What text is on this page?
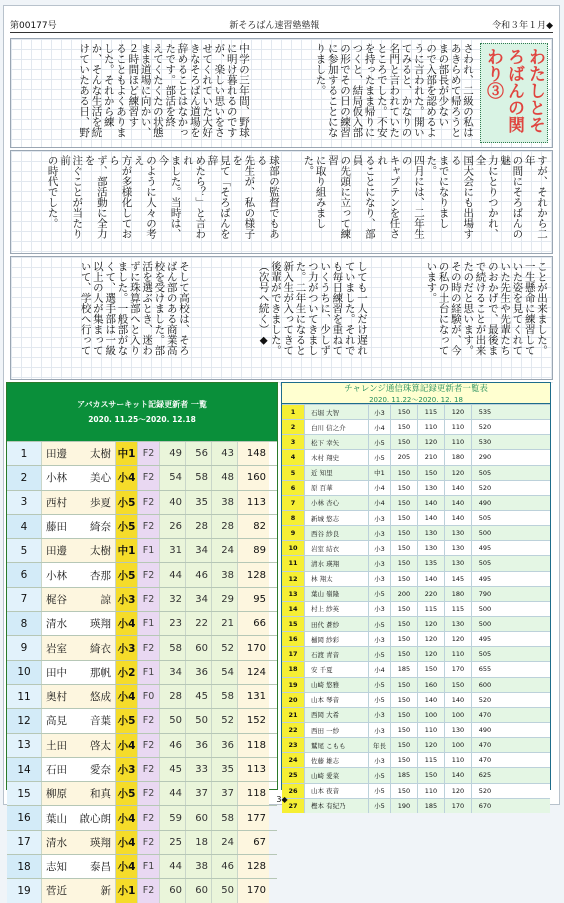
第00177号	新そろばん速習塾塾報	令和３年１月◆
さわれ、二級の私は
あきらめて帰ろうと
まの部長が少ない
ので入部を認めるよ
うに言われた。開い
てみると、かなりの
名門と言われていた
ところでした。不安
を持ったまま帰りに
つくと、結局仮入部
の形でその日の練習
に参加することにな
りました。
中学の三年間、野球に明け暮れるのです
が、楽しい思いをさ
せてくれていた大好
きなそろばん道場を
辞めることはなかっ
たです。部活を終
えてくたくたの状態
まま道場に向かい、
２時間ほど練習す
ることもよくありま
した。それから練
か、そんな生活を続
けていたある日、野	わたしとそろばんの関わり③
すが、それから二年
の間にそろばんの魅
力にとりつかれ、全
国大会にも出場する
までになりました。
四月には、二年生の
キャプテンを任され
ることになり、部員
の先頭に立って練習
に取り組みました。
球部の監督でもある
先生が、私の様子を
見て「そろばんを辞
めたら？」と言われ
ました。当時は、今
のように人々の考え
方が多様化しておら
ず、部活動に全力を
注ぐことが当たり前
の時代でした。
ことが出来ました。
一生懸命に練習して
いた姿を見てくれて
いた先生や先輩たち
のおかげで、最後ま
で続けることが出来
たのだと思います。
その時の経験が、今
の私の土台になって
います。
しても一人だけ遅れ
ていました。それで
も毎日練習を重ねて
いくうちに、少しず
つ力がついてきまし
た。二年生になると
新入生が入ってきて
後輩ができました。
（次号へ続く）◆
そして高校は、そろ
ばん部のある商業高
校を受けました。部
活を選ぶとき、迷わ
ずに珠算部へと入り
ました。一般部がな
くて、選手部は一級
以上の人が集まって
いて、学校へ行って
アバカスサーキット記録更新者 一覧
2020. 11.25～2020. 12.18
1	田邊 太樹 中1 F2	49	56	43	148
2	小林 美心 小4 F2	54	58	48	160
3	西村 歩夏 小5 F2	40	35	38	113
4	藤田 綺奈 小5 F2	26	28	28	82
5	田邊 太樹 中1 F1	31	34	24	89
6	小林 杏那 小5 F2	44	46	38	128
7	梶谷	諒 小3 F2	32	34	29	95
8	清水 瑛翔 小4 F1	23	22	21	66
9	岩室 綺衣 小3 F2	58	60	52	170
10	田中 那帆 小2 F1	34	36	54	124
11	奥村 悠成 小4 F0	28	45	58	131
12	高見 音葉 小5 F2	50	50	52	152
13	土田 啓太 小4 F2	46	36	36	118
14	石田 愛奈 小3 F2	45	33	35	113
15	柳原 和真 小5 F2	44	37	37	118
16	葉山 啟心朗 小4 F2	59	60	58	177
17	清水 瑛翔 小4 F2	25	18	24	67
18	志知 泰昌 小4 F1	44	38	46	128
19	菅近	新 小1 F2	60	60	50	170
チャレンジ通信珠算記録更新者一覧表
2020. 11.22～2020. 12. 18
1	石堀 大智	小3	150	115	120	535
2	白川 信之介	小4	150	110	110	520
3	松下 幸矢	小5	150	120	110	530
4	木村 翔史	小5	205	210	180	290
5	近 知里	中1	150	150	120	505
6	原 百華	小4	150	130	140	520
7	小林 杏心	小4	150	140	140	490
8	新城 悠志	小3	150	140	140	505
9	西谷 紗良	小3	150	130	130	500
10	岩室 結衣	小3	150	130	130	495
11	清水 瑛翔	小3	150	135	130	505
12	林 翔太	小3	150	140	145	495
13	葉山 嶺隆	小5	200	220	180	790
14	村上 紗英	小3	150	115	115	500
15	田代 蒼紗	小5	150	120	130	500
16	樋岡 紗彩	小3	150	120	120	495
17	石渡 青音	小5	150	120	110	505
18	安 千夏	小4	185	150	170	655
19	山崎 悠雅	小5	150	160	150	600
20	山本 琴音	小5	150	140	140	520
21	西岡 大希	小3	150	100	100	470
22	西田 一紗	小3	150	110	130	490
23	鷲尾 こもも	年長	150	120	100	470
24	佐藤 雄志	小3	150	115	110	470
25	山崎 愛菜	小5	185	150	140	625
26	山本 夜音	小5	150	110	120	520
27	樫本 有紀乃	小5	190	185	170	670
3◆
